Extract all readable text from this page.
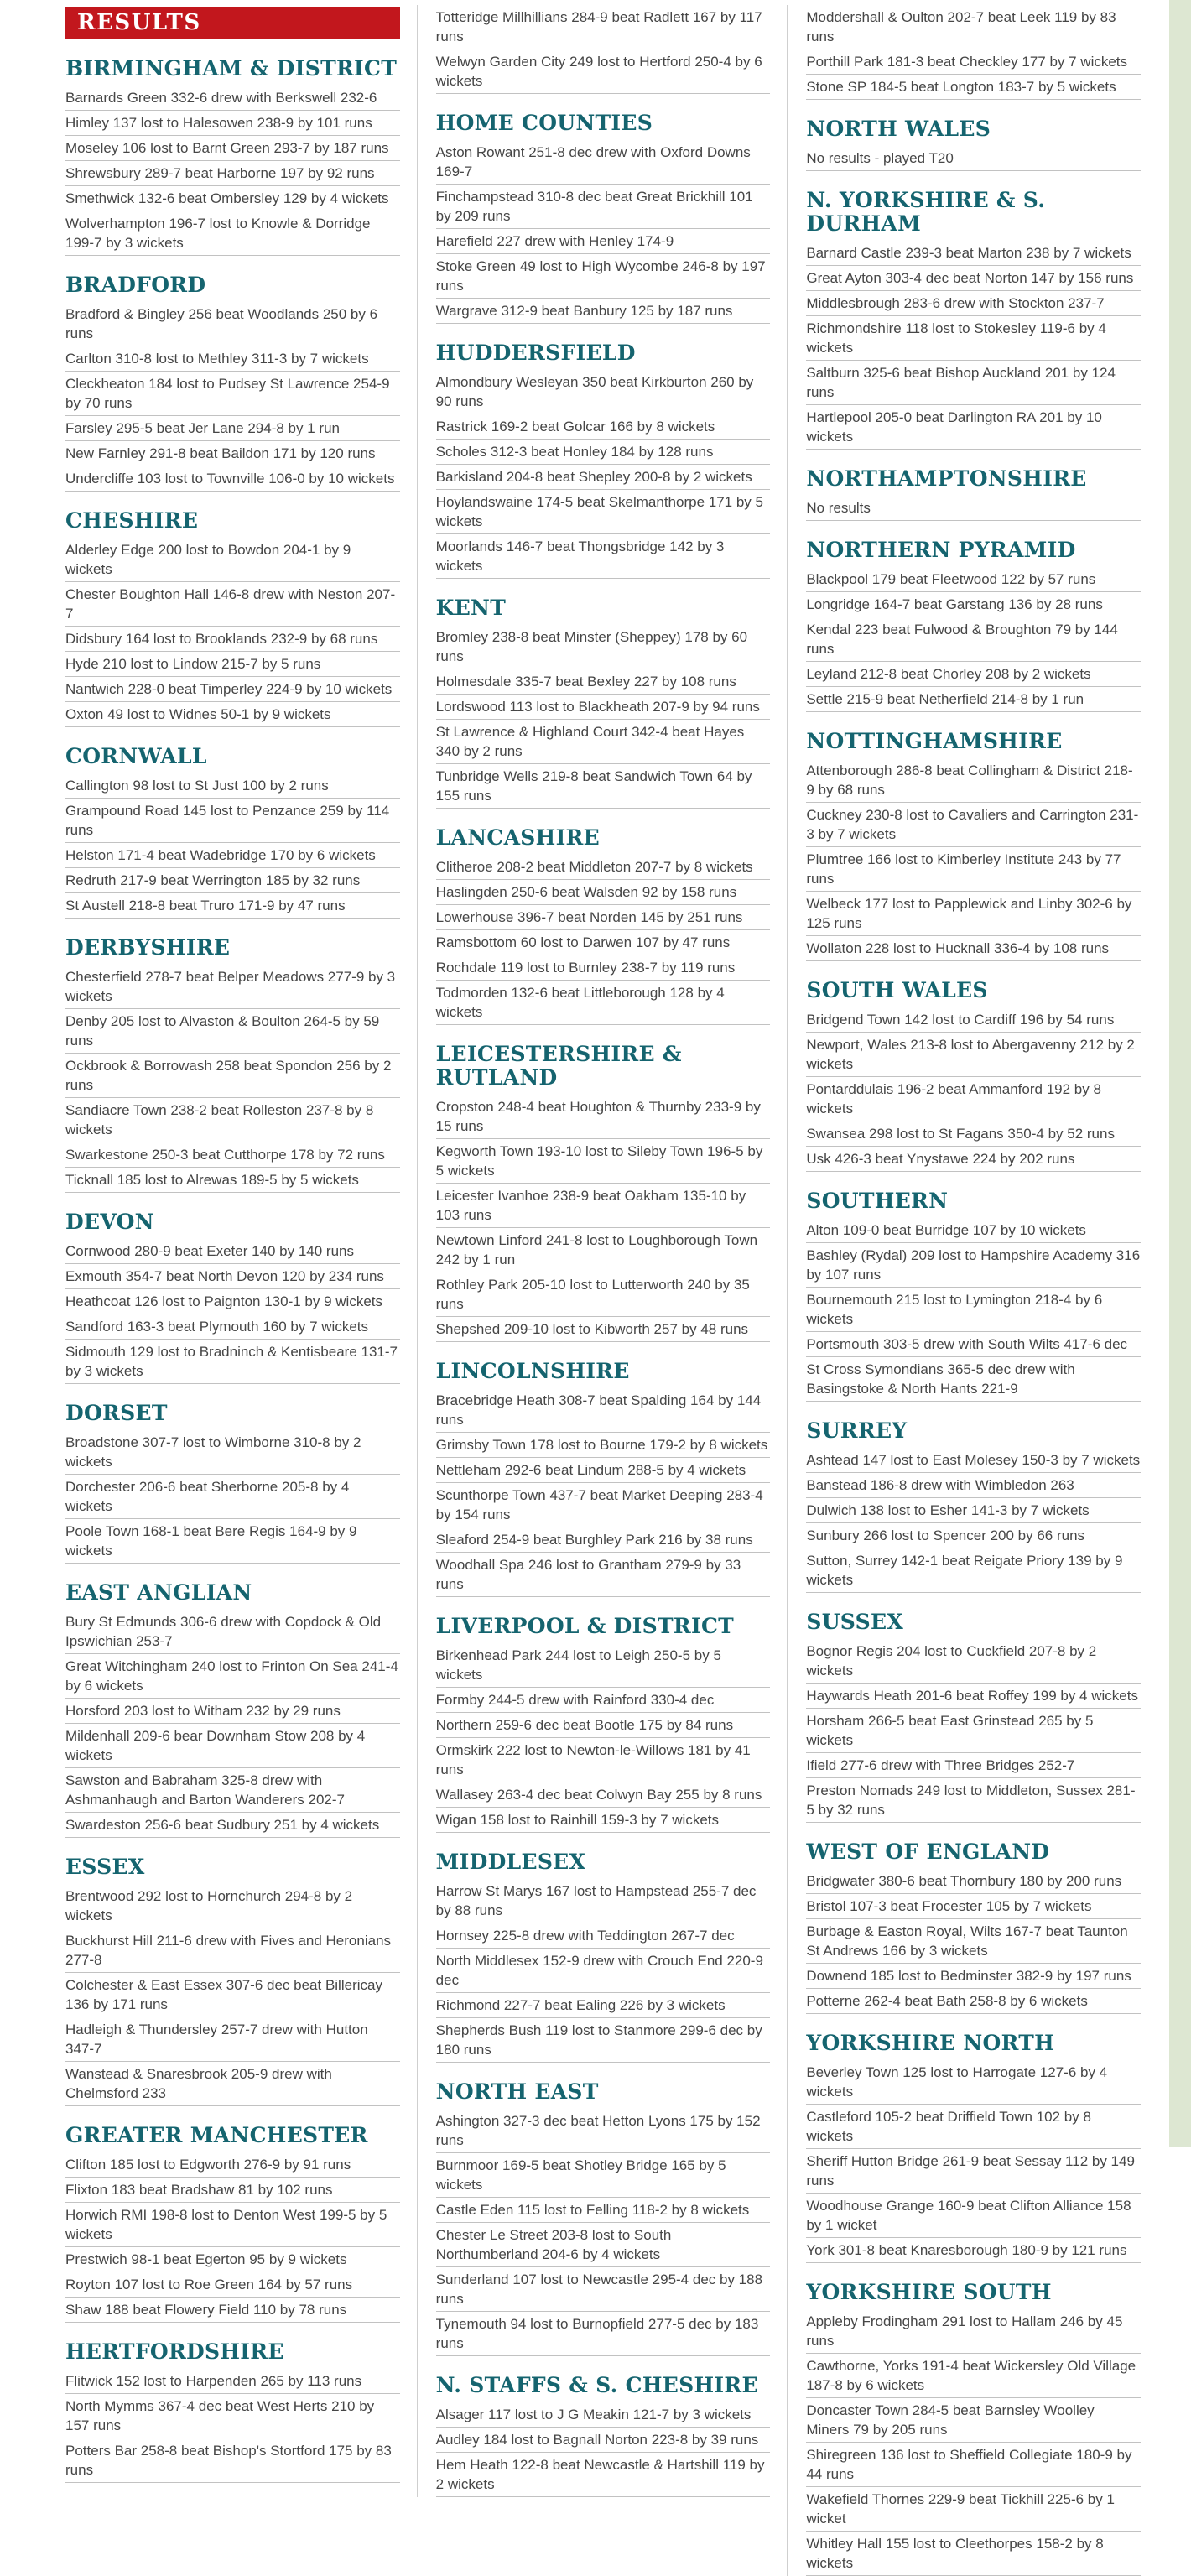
RESULTS
BIRMINGHAM & DISTRICT
Barnards Green 332-6 drew with Berkswell 232-6
Himley 137 lost to Halesowen 238-9 by 101 runs
Moseley 106 lost to Barnt Green 293-7 by 187 runs
Shrewsbury 289-7 beat Harborne 197 by 92 runs
Smethwick 132-6 beat Ombersley 129 by 4 wickets
Wolverhampton 196-7 lost to Knowle & Dorridge 199-7 by 3 wickets
BRADFORD
Bradford & Bingley 256 beat Woodlands 250 by 6 runs
Carlton 310-8 lost to Methley 311-3 by 7 wickets
Cleckheaton 184 lost to Pudsey St Lawrence 254-9 by 70 runs
Farsley 295-5 beat Jer Lane 294-8 by 1 run
New Farnley 291-8 beat Baildon 171 by 120 runs
Undercliffe 103 lost to Townville 106-0 by 10 wickets
CHESHIRE
Alderley Edge 200 lost to Bowdon 204-1 by 9 wickets
Chester Boughton Hall 146-8 drew with Neston 207-7
Didsbury 164 lost to Brooklands 232-9 by 68 runs
Hyde 210 lost to Lindow 215-7 by 5 runs
Nantwich 228-0 beat Timperley 224-9 by 10 wickets
Oxton 49 lost to Widnes 50-1 by 9 wickets
CORNWALL
Callington 98 lost to St Just 100 by 2 runs
Grampound Road 145 lost to Penzance 259 by 114 runs
Helston 171-4 beat Wadebridge 170 by 6 wickets
Redruth 217-9 beat Werrington 185 by 32 runs
St Austell 218-8 beat Truro 171-9 by 47 runs
DERBYSHIRE
Chesterfield 278-7 beat Belper Meadows 277-9 by 3 wickets
Denby 205 lost to Alvaston & Boulton 264-5 by 59 runs
Ockbrook & Borrowash 258 beat Spondon 256 by 2 runs
Sandiacre Town 238-2 beat Rolleston 237-8 by 8 wickets
Swarkestone 250-3 beat Cutthorpe 178 by 72 runs
Ticknall 185 lost to Alrewas 189-5 by 5 wickets
DEVON
Cornwood 280-9 beat Exeter 140 by 140 runs
Exmouth 354-7 beat North Devon 120 by 234 runs
Heathcoat 126 lost to Paignton 130-1 by 9 wickets
Sandford 163-3 beat Plymouth 160 by 7 wickets
Sidmouth 129 lost to Bradninch & Kentisbeare 131-7 by 3 wickets
DORSET
Broadstone 307-7 lost to Wimborne 310-8 by 2 wickets
Dorchester 206-6 beat Sherborne 205-8 by 4 wickets
Poole Town 168-1 beat Bere Regis 164-9 by 9 wickets
EAST ANGLIAN
Bury St Edmunds 306-6 drew with Copdock & Old Ipswichian 253-7
Great Witchingham 240 lost to Frinton On Sea 241-4 by 6 wickets
Horsford 203 lost to Witham 232 by 29 runs
Mildenhall 209-6 bear Downham Stow 208 by 4 wickets
Sawston and Babraham 325-8 drew with Ashmanhaugh and Barton Wanderers 202-7
Swardeston 256-6 beat Sudbury 251 by 4 wickets
ESSEX
Brentwood 292 lost to Hornchurch 294-8 by 2 wickets
Buckhurst Hill 211-6 drew with Fives and Heronians 277-8
Colchester & East Essex 307-6 dec beat Billericay 136 by 171 runs
Hadleigh & Thundersley 257-7 drew with Hutton 347-7
Wanstead & Snaresbrook 205-9 drew with Chelmsford 233
GREATER MANCHESTER
Clifton 185 lost to Edgworth 276-9 by 91 runs
Flixton 183 beat Bradshaw 81 by 102 runs
Horwich RMI 198-8 lost to Denton West 199-5 by 5 wickets
Prestwich 98-1 beat Egerton 95 by 9 wickets
Royton 107 lost to Roe Green 164 by 57 runs
Shaw 188 beat Flowery Field 110 by 78 runs
HERTFORDSHIRE
Flitwick 152 lost to Harpenden 265 by 113 runs
North Mymms 367-4 dec beat West Herts 210 by 157 runs
Potters Bar 258-8 beat Bishop's Stortford 175 by 83 runs
Totteridge Millhillians 284-9 beat Radlett 167 by 117 runs
Welwyn Garden City 249 lost to Hertford 250-4 by 6 wickets
HOME COUNTIES
Aston Rowant 251-8 dec drew with Oxford Downs 169-7
Finchampstead 310-8 dec beat Great Brickhill 101 by 209 runs
Harefield 227 drew with Henley 174-9
Stoke Green 49 lost to High Wycombe 246-8 by 197 runs
Wargrave 312-9 beat Banbury 125 by 187 runs
HUDDERSFIELD
Almondbury Wesleyan 350 beat Kirkburton 260 by 90 runs
Rastrick 169-2 beat Golcar 166 by 8 wickets
Scholes 312-3 beat Honley 184 by 128 runs
Barkisland 204-8 beat Shepley 200-8 by 2 wickets
Hoylandswaine 174-5 beat Skelmanthorpe 171 by 5 wickets
Moorlands 146-7 beat Thongsbridge 142 by 3 wickets
KENT
Bromley 238-8 beat Minster (Sheppey) 178 by 60 runs
Holmesdale 335-7 beat Bexley 227 by 108 runs
Lordswood 113 lost to Blackheath 207-9 by 94 runs
St Lawrence & Highland Court 342-4 beat Hayes 340 by 2 runs
Tunbridge Wells 219-8 beat Sandwich Town 64 by 155 runs
LANCASHIRE
Clitheroe 208-2 beat Middleton 207-7 by 8 wickets
Haslingden 250-6 beat Walsden 92 by 158 runs
Lowerhouse 396-7 beat Norden 145 by 251 runs
Ramsbottom 60 lost to Darwen 107 by 47 runs
Rochdale 119 lost to Burnley 238-7 by 119 runs
Todmorden 132-6 beat Littleborough 128 by 4 wickets
LEICESTERSHIRE & RUTLAND
Cropston 248-4 beat Houghton & Thurnby 233-9 by 15 runs
Kegworth Town 193-10 lost to Sileby Town 196-5 by 5 wickets
Leicester Ivanhoe 238-9 beat Oakham 135-10 by 103 runs
Newtown Linford 241-8 lost to Loughborough Town 242 by 1 run
Rothley Park 205-10 lost to Lutterworth 240 by 35 runs
Shepshed 209-10 lost to Kibworth 257 by 48 runs
LINCOLNSHIRE
Bracebridge Heath 308-7 beat Spalding 164 by 144 runs
Grimsby Town 178 lost to Bourne 179-2 by 8 wickets
Nettleham 292-6 beat Lindum 288-5 by 4 wickets
Scunthorpe Town 437-7 beat Market Deeping 283-4 by 154 runs
Sleaford 254-9 beat Burghley Park 216 by 38 runs
Woodhall Spa 246 lost to Grantham 279-9 by 33 runs
LIVERPOOL & DISTRICT
Birkenhead Park 244 lost to Leigh 250-5 by 5 wickets
Formby 244-5 drew with Rainford 330-4 dec
Northern 259-6 dec beat Bootle 175 by 84 runs
Ormskirk 222 lost to Newton-le-Willows 181 by 41 runs
Wallasey 263-4 dec beat Colwyn Bay 255 by 8 runs
Wigan 158 lost to Rainhill 159-3 by 7 wickets
MIDDLESEX
Harrow St Marys 167 lost to Hampstead 255-7 dec by 88 runs
Hornsey 225-8 drew with Teddington 267-7 dec
North Middlesex 152-9 drew with Crouch End 220-9 dec
Richmond 227-7 beat Ealing 226 by 3 wickets
Shepherds Bush 119 lost to Stanmore 299-6 dec by 180 runs
NORTH EAST
Ashington 327-3 dec beat Hetton Lyons 175 by 152 runs
Burnmoor 169-5 beat Shotley Bridge 165 by 5 wickets
Castle Eden 115 lost to Felling 118-2 by 8 wickets
Chester Le Street 203-8 lost to South Northumberland 204-6 by 4 wickets
Sunderland 107 lost to Newcastle 295-4 dec by 188 runs
Tynemouth 94 lost to Burnopfield 277-5 dec by 183 runs
N. STAFFS & S. CHESHIRE
Alsager 117 lost to J G Meakin 121-7 by 3 wickets
Audley 184 lost to Bagnall Norton 223-8 by 39 runs
Hem Heath 122-8 beat Newcastle & Hartshill 119 by 2 wickets
Moddershall & Oulton 202-7 beat Leek 119 by 83 runs
Porthill Park 181-3 beat Checkley 177 by 7 wickets
Stone SP 184-5 beat Longton 183-7 by 5 wickets
NORTH WALES
No results - played T20
N. YORKSHIRE & S. DURHAM
Barnard Castle 239-3 beat Marton 238 by 7 wickets
Great Ayton 303-4 dec beat Norton 147 by 156 runs
Middlesbrough 283-6 drew with Stockton 237-7
Richmondshire 118 lost to Stokesley 119-6 by 4 wickets
Saltburn 325-6 beat Bishop Auckland 201 by 124 runs
Hartlepool 205-0 beat Darlington RA 201 by 10 wickets
NORTHAMPTONSHIRE
No results
NORTHERN PYRAMID
Blackpool 179 beat Fleetwood 122 by 57 runs
Longridge 164-7 beat Garstang 136 by 28 runs
Kendal 223 beat Fulwood & Broughton 79 by 144 runs
Leyland 212-8 beat Chorley 208 by 2 wickets
Settle 215-9 beat Netherfield 214-8 by 1 run
NOTTINGHAMSHIRE
Attenborough 286-8 beat Collingham & District 218-9 by 68 runs
Cuckney 230-8 lost to Cavaliers and Carrington 231-3 by 7 wickets
Plumtree 166 lost to Kimberley Institute 243 by 77 runs
Welbeck 177 lost to Papplewick and Linby 302-6 by 125 runs
Wollaton 228 lost to Hucknall 336-4 by 108 runs
SOUTH WALES
Bridgend Town 142 lost to Cardiff 196 by 54 runs
Newport, Wales 213-8 lost to Abergavenny 212 by 2 wickets
Pontarddulais 196-2 beat Ammanford 192 by 8 wickets
Swansea 298 lost to St Fagans 350-4 by 52 runs
Usk 426-3 beat Ynystawe 224 by 202 runs
SOUTHERN
Alton 109-0 beat Burridge 107 by 10 wickets
Bashley (Rydal) 209 lost to Hampshire Academy 316 by 107 runs
Bournemouth 215 lost to Lymington 218-4 by 6 wickets
Portsmouth 303-5 drew with South Wilts 417-6 dec
St Cross Symondians 365-5 dec drew with Basingstoke & North Hants 221-9
SURREY
Ashtead 147 lost to East Molesey 150-3 by 7 wickets
Banstead 186-8 drew with Wimbledon 263
Dulwich 138 lost to Esher 141-3 by 7 wickets
Sunbury 266 lost to Spencer 200 by 66 runs
Sutton, Surrey 142-1 beat Reigate Priory 139 by 9 wickets
SUSSEX
Bognor Regis 204 lost to Cuckfield 207-8 by 2 wickets
Haywards Heath 201-6 beat Roffey 199 by 4 wickets
Horsham 266-5 beat East Grinstead 265 by 5 wickets
Ifield 277-6 drew with Three Bridges 252-7
Preston Nomads 249 lost to Middleton, Sussex 281-5 by 32 runs
WEST OF ENGLAND
Bridgwater 380-6 beat Thornbury 180 by 200 runs
Bristol 107-3 beat Frocester 105 by 7 wickets
Burbage & Easton Royal, Wilts 167-7 beat Taunton St Andrews 166 by 3 wickets
Downend 185 lost to Bedminster 382-9 by 197 runs
Potterne 262-4 beat Bath 258-8 by 6 wickets
YORKSHIRE NORTH
Beverley Town 125 lost to Harrogate 127-6 by 4 wickets
Castleford 105-2 beat Driffield Town 102 by 8 wickets
Sheriff Hutton Bridge 261-9 beat Sessay 112 by 149 runs
Woodhouse Grange 160-9 beat Clifton Alliance 158 by 1 wicket
York 301-8 beat Knaresborough 180-9 by 121 runs
YORKSHIRE SOUTH
Appleby Frodingham 291 lost to Hallam 246 by 45 runs
Cawthorne, Yorks 191-4 beat Wickersley Old Village 187-8 by 6 wickets
Doncaster Town 284-5 beat Barnsley Woolley Miners 79 by 205 runs
Shiregreen 136 lost to Sheffield Collegiate 180-9 by 44 runs
Wakefield Thornes 229-9 beat Tickhill 225-6 by 1 wicket
Whitley Hall 155 lost to Cleethorpes 158-2 by 8 wickets
